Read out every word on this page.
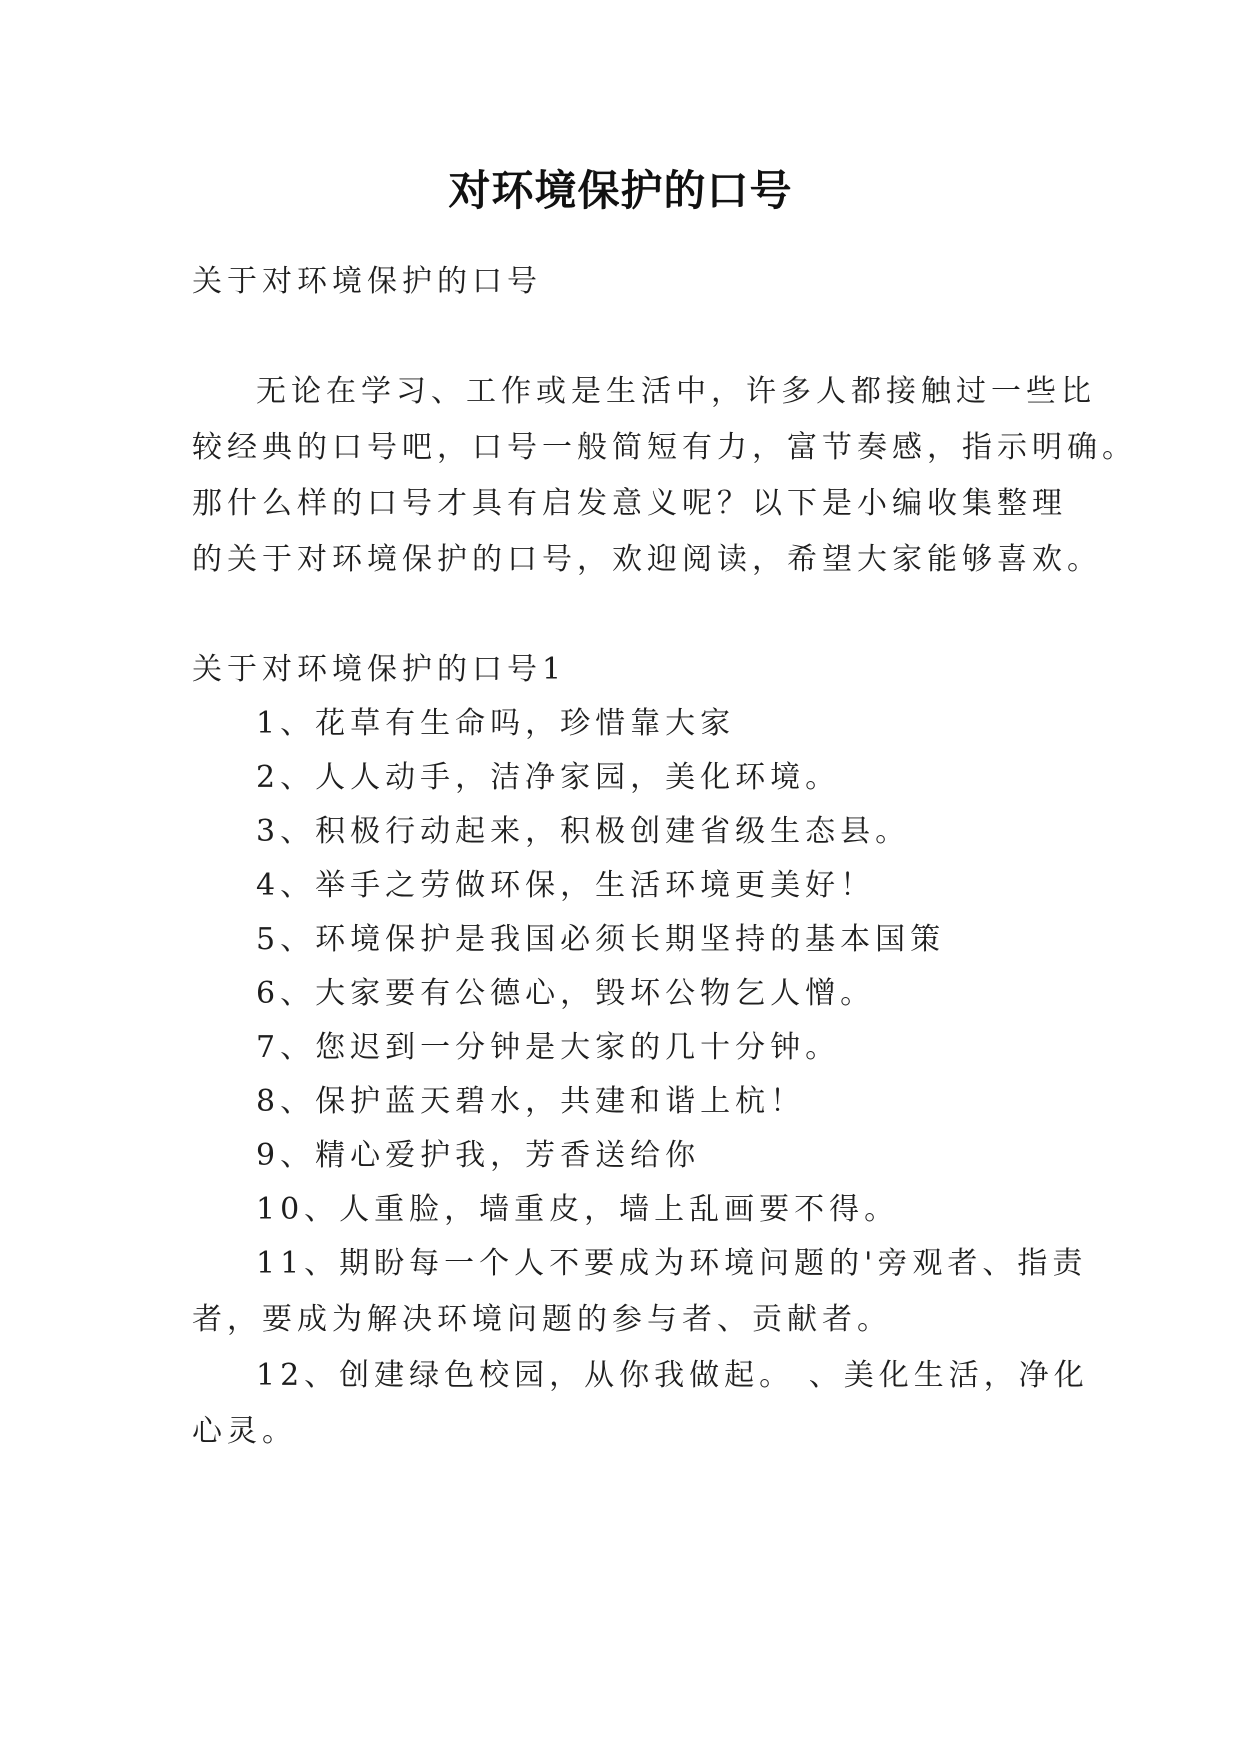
对环境保护的口号
关于对环境保护的口号
无论在学习、工作或是生活中，许多人都接触过一些比
较经典的口号吧，口号一般简短有力，富节奏感，指示明确。
那什么样的口号才具有启发意义呢？以下是小编收集整理
的关于对环境保护的口号，欢迎阅读，希望大家能够喜欢。
关于对环境保护的口号1
1、花草有生命吗，珍惜靠大家
2、人人动手，洁净家园，美化环境。
3、积极行动起来，积极创建省级生态县。
4、举手之劳做环保，生活环境更美好！
5、环境保护是我国必须长期坚持的基本国策
6、大家要有公德心，毁坏公物乞人憎。
7、您迟到一分钟是大家的几十分钟。
8、保护蓝天碧水，共建和谐上杭！
9、精心爱护我，芳香送给你
10、人重脸，墙重皮，墙上乱画要不得。
11、期盼每一个人不要成为环境问题的'旁观者、指责
者，要成为解决环境问题的参与者、贡献者。
12、创建绿色校园，从你我做起。 、美化生活，净化
心灵。
